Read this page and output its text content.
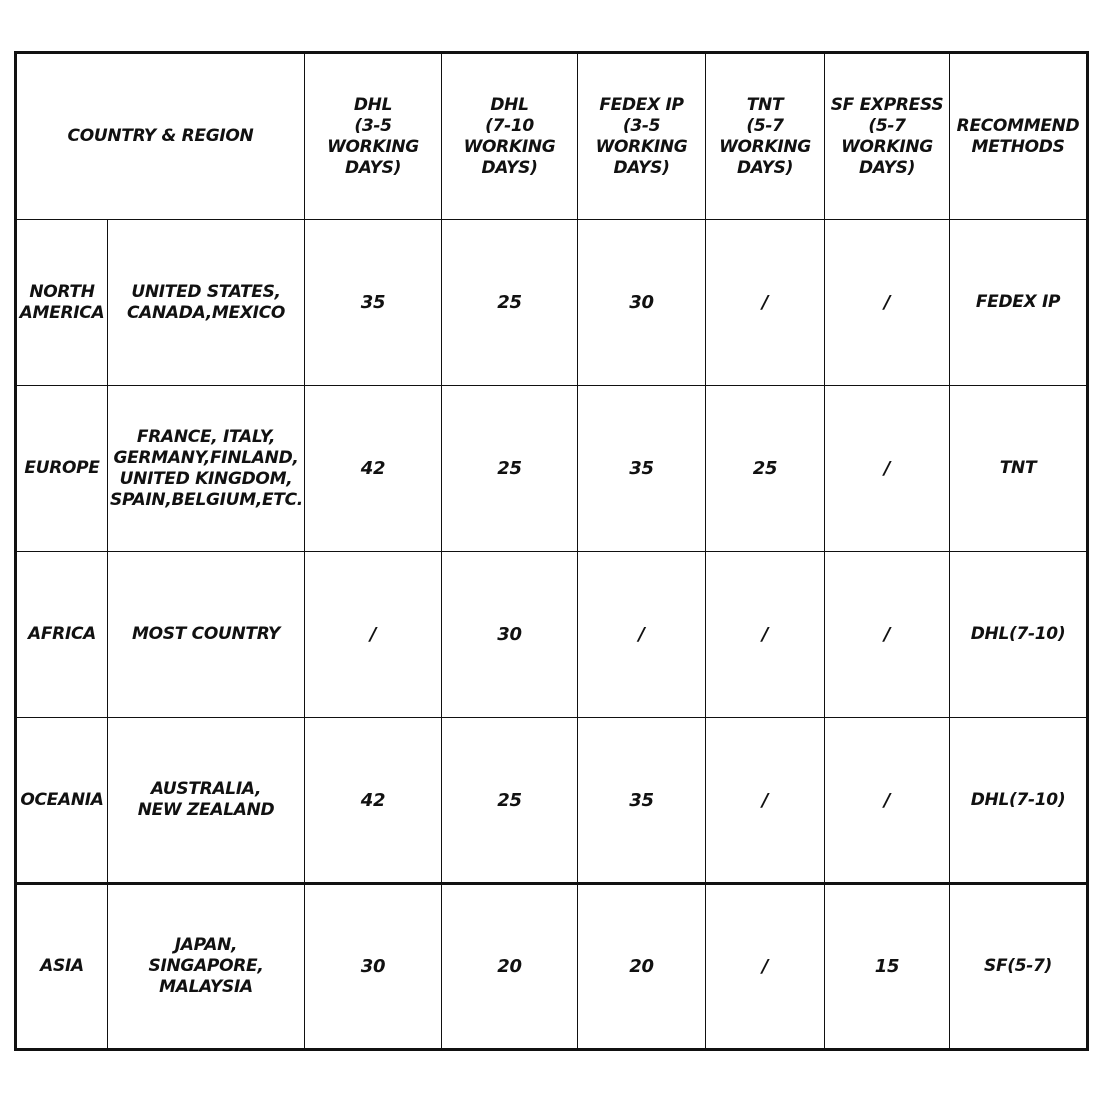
COUNTRY & REGION		DHL
(3-5
WORKING
DAYS)	DHL
(7-10
WORKING
DAYS)	FEDEX IP
(3-5
WORKING
DAYS)	TNT
(5-7
WORKING
DAYS)	SF EXPRESS
(5-7
WORKING
DAYS)	RECOMMEND
METHODS
NORTH
AMERICA	UNITED STATES,
CANADA,MEXICO	35	25	30	/	/	FEDEX IP
EUROPE	FRANCE, ITALY,
GERMANY,FINLAND,
UNITED KINGDOM,
SPAIN,BELGIUM,ETC.	42	25	35	25	/	TNT
AFRICA	MOST COUNTRY	/	30	/	/	/	DHL(7-10)
OCEANIA	AUSTRALIA,
NEW ZEALAND	42	25	35	/	/	DHL(7-10)
ASIA	JAPAN,
SINGAPORE,
MALAYSIA	30	20	20	/	15	SF(5-7)
